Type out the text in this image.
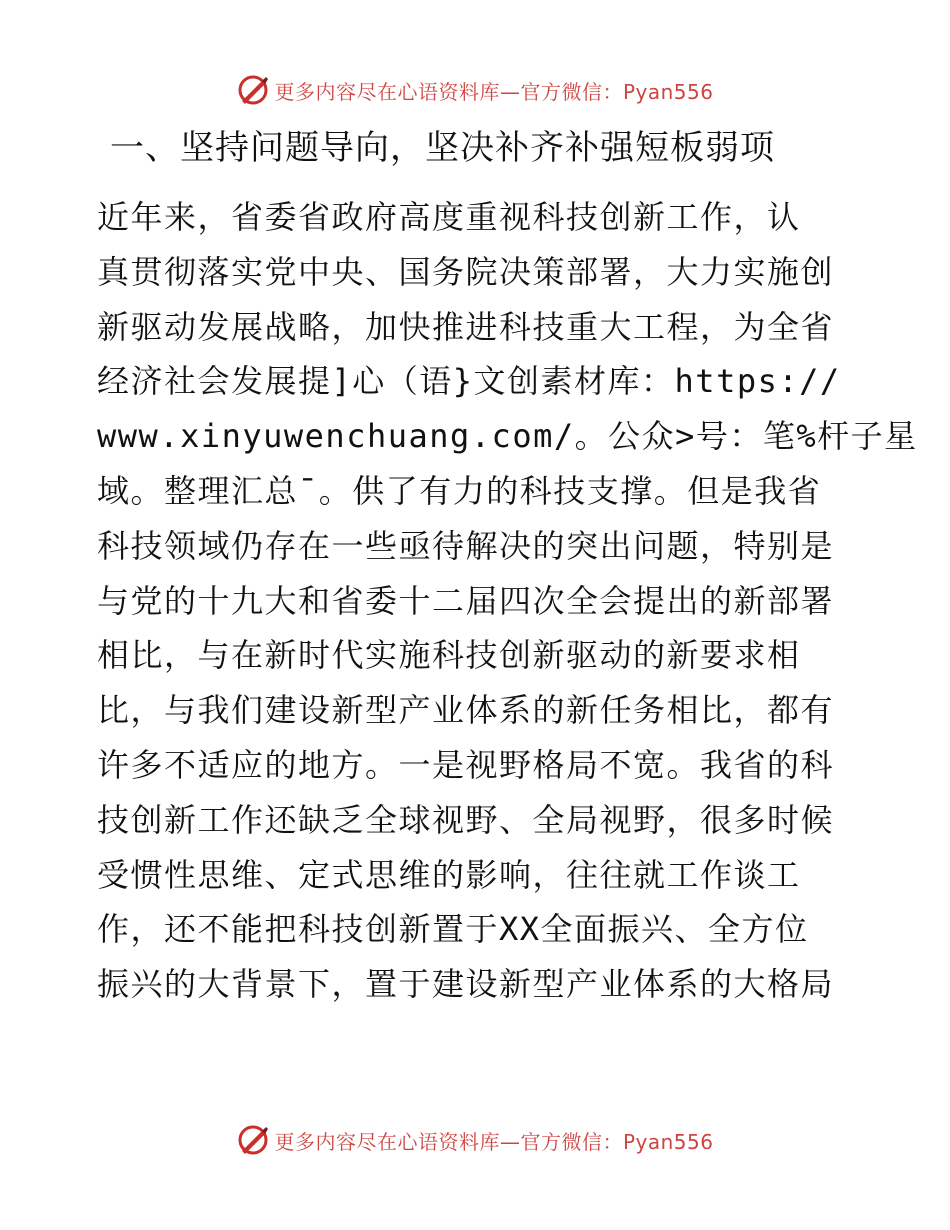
更多内容尽在心语资料库—官方微信：Pyan556
一、坚持问题导向，坚决补齐补强短板弱项
近年来，省委省政府高度重视科技创新工作，认
真贯彻落实党中央、国务院决策部署，大力实施创
新驱动发展战略，加快推进科技重大工程，为全省
经济社会发展提]心（语}文创素材库：https://
www.xinyuwenchuang.com/。公众>号：笔%杆子星
域。整理汇总¯。供了有力的科技支撑。但是我省
科技领域仍存在一些亟待解决的突出问题，特别是
与党的十九大和省委十二届四次全会提出的新部署
相比，与在新时代实施科技创新驱动的新要求相
比，与我们建设新型产业体系的新任务相比，都有
许多不适应的地方。一是视野格局不宽。我省的科
技创新工作还缺乏全球视野、全局视野，很多时候
受惯性思维、定式思维的影响，往往就工作谈工
作，还不能把科技创新置于XX全面振兴、全方位
振兴的大背景下，置于建设新型产业体系的大格局
更多内容尽在心语资料库—官方微信：Pyan556
